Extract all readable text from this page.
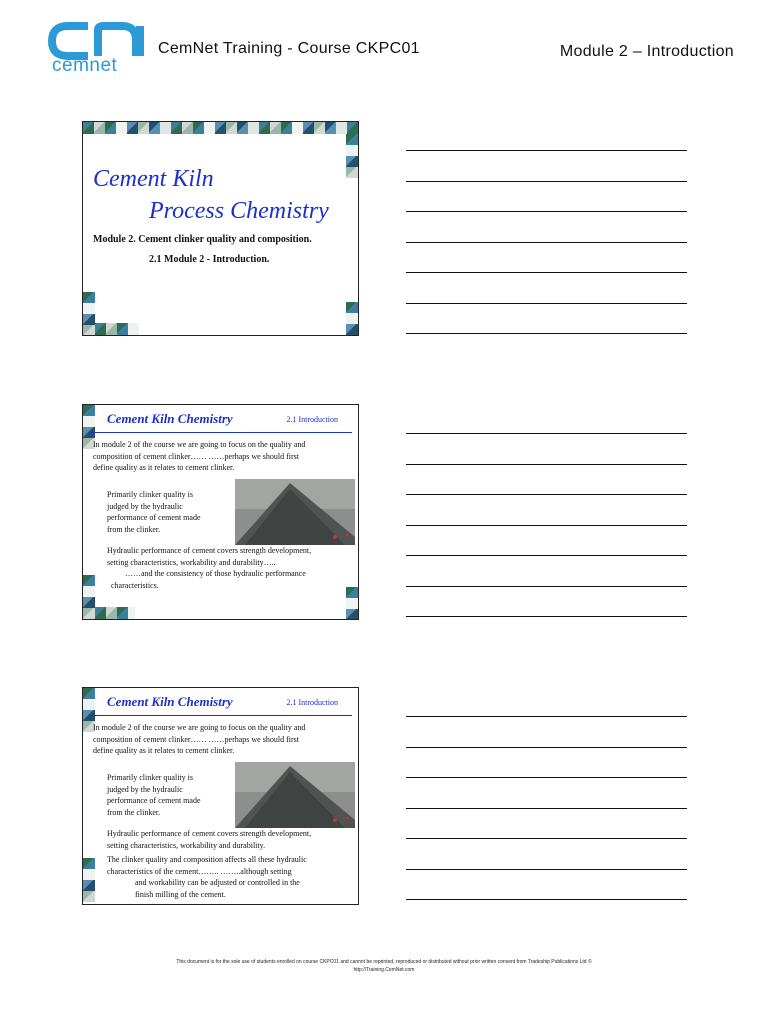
cemnet
CemNet Training - Course CKPC01	Module 2 – Introduction
Cement Kiln
Process Chemistry
Module 2. Cement clinker quality and composition.
2.1 Module 2 - Introduction.
Cement Kiln Chemistry	2.1 Introduction
In module 2 of the course we are going to focus on the quality and
composition of cement clinker…… ……perhaps we should first
define quality as it relates to cement clinker.
Primarily clinker quality is
judged by the hydraulic
performance of cement made
from the clinker.
Hydraulic performance of cement covers strength development,
setting characteristics, workability and durability…..
……and the consistency of those hydraulic performance
characteristics.
Cement Kiln Chemistry	2.1 Introduction
In module 2 of the course we are going to focus on the quality and
composition of cement clinker…… ……perhaps we should first
define quality as it relates to cement clinker.
Primarily clinker quality is
judged by the hydraulic
performance of cement made
from the clinker.
Hydraulic performance of cement covers strength development,
setting characteristics, workability and durability.
The clinker quality and composition affects all these hydraulic
characteristics of the cement…….. ……..although setting
and workability can be adjusted or controlled in the
finish milling of the cement.
This document is for the sole use of students enrolled on course CKPC01 and cannot be reprinted, reproduced or distributed without prior written consent from Tradeship Publications Ltd ©
http://Training.CemNet.com
